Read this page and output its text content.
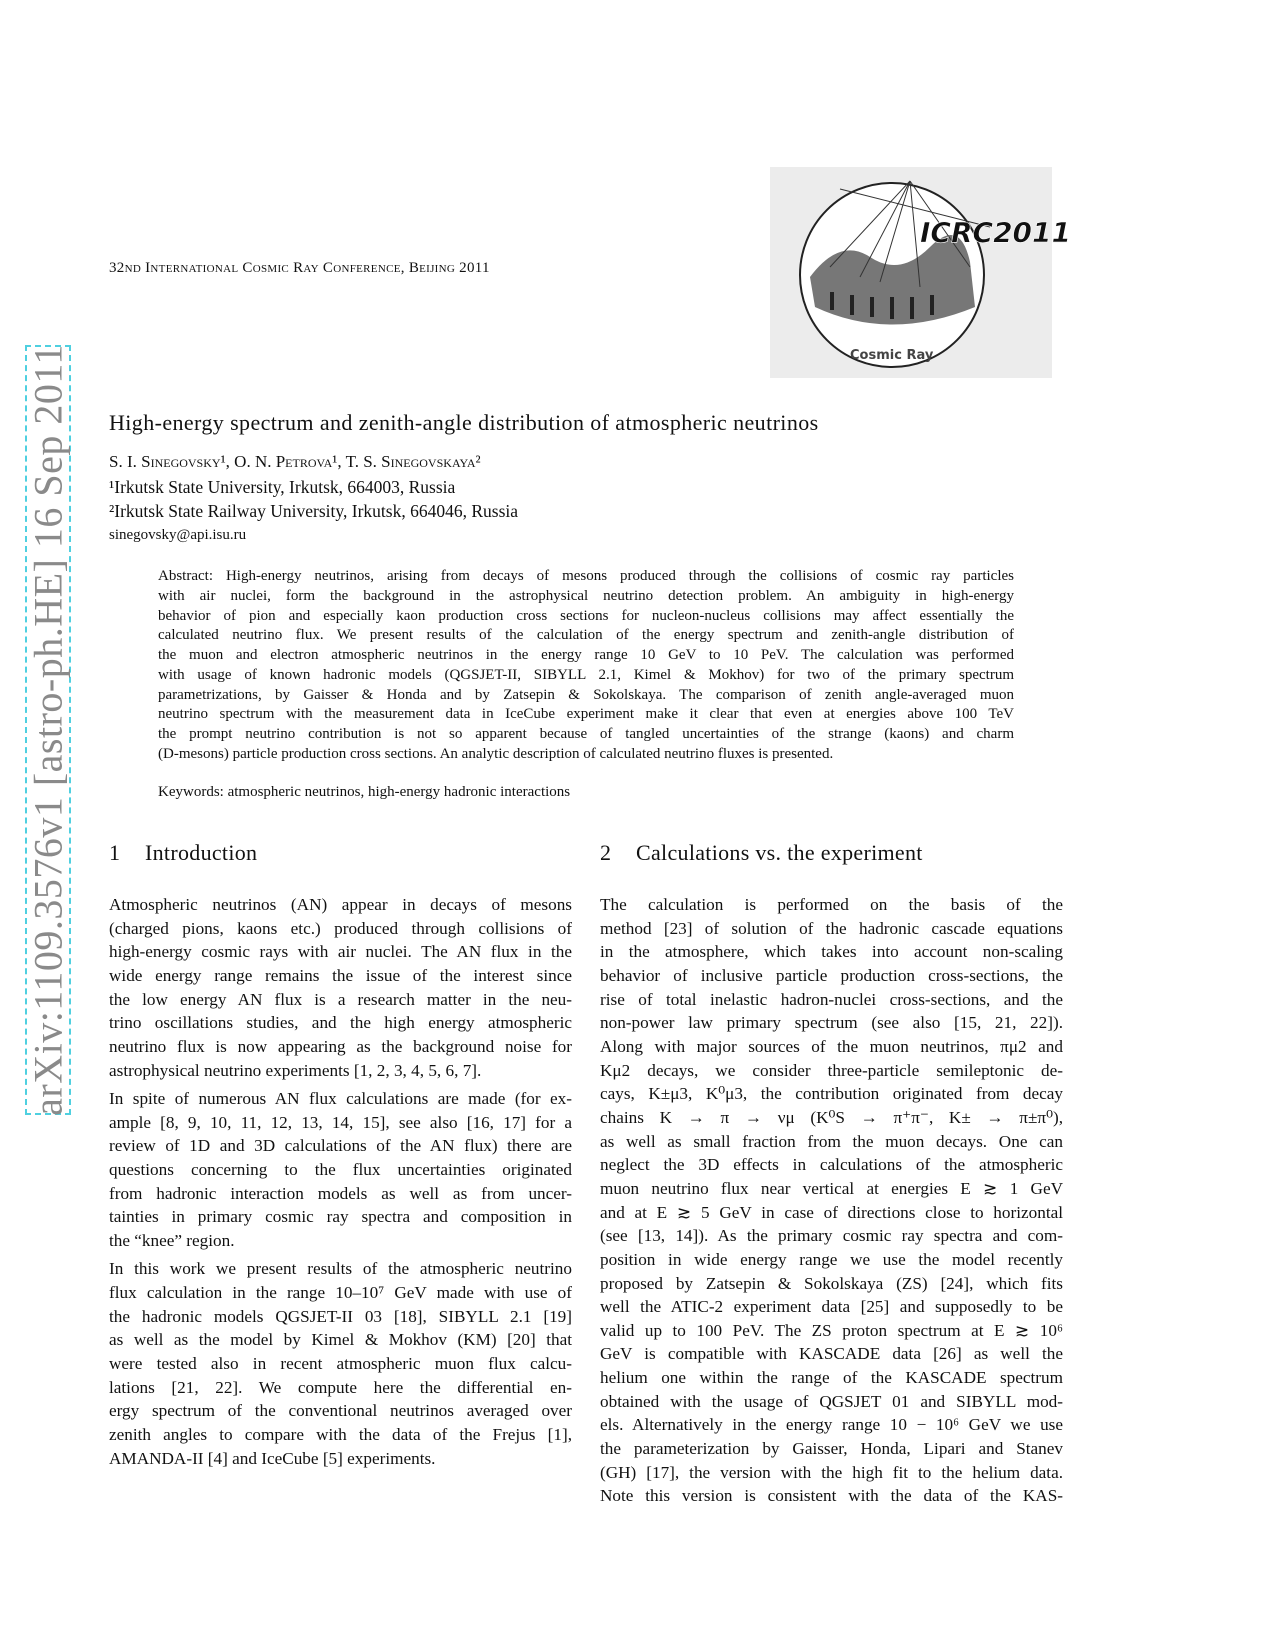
arXiv:1109.3576v1 [astro-ph.HE] 16 Sep 2011
32nd International Cosmic Ray Conference, Beijing 2011
ICRC2011
Cosmic Ray
High-energy spectrum and zenith-angle distribution of atmospheric neutrinos
S. I. Sinegovsky¹, O. N. Petrova¹, T. S. Sinegovskaya²
¹Irkutsk State University, Irkutsk, 664003, Russia
²Irkutsk State Railway University, Irkutsk, 664046, Russia
sinegovsky@api.isu.ru
Abstract: High-energy neutrinos, arising from decays of mesons produced through the collisions of cosmic ray particles
with air nuclei, form the background in the astrophysical neutrino detection problem. An ambiguity in high-energy
behavior of pion and especially kaon production cross sections for nucleon-nucleus collisions may affect essentially the
calculated neutrino flux. We present results of the calculation of the energy spectrum and zenith-angle distribution of
the muon and electron atmospheric neutrinos in the energy range 10 GeV to 10 PeV. The calculation was performed
with usage of known hadronic models (QGSJET-II, SIBYLL 2.1, Kimel & Mokhov) for two of the primary spectrum
parametrizations, by Gaisser & Honda and by Zatsepin & Sokolskaya. The comparison of zenith angle-averaged muon
neutrino spectrum with the measurement data in IceCube experiment make it clear that even at energies above 100 TeV
the prompt neutrino contribution is not so apparent because of tangled uncertainties of the strange (kaons) and charm
(D-mesons) particle production cross sections. An analytic description of calculated neutrino fluxes is presented.
Keywords: atmospheric neutrinos, high-energy hadronic interactions
1 Introduction	2 Calculations vs. the experiment
Atmospheric neutrinos (AN) appear in decays of mesons
(charged pions, kaons etc.) produced through collisions of
high-energy cosmic rays with air nuclei. The AN flux in the
wide energy range remains the issue of the interest since
the low energy AN flux is a research matter in the neu-
trino oscillations studies, and the high energy atmospheric
neutrino flux is now appearing as the background noise for
astrophysical neutrino experiments [1, 2, 3, 4, 5, 6, 7].
In spite of numerous AN flux calculations are made (for ex-
ample [8, 9, 10, 11, 12, 13, 14, 15], see also [16, 17] for a
review of 1D and 3D calculations of the AN flux) there are
questions concerning to the flux uncertainties originated
from hadronic interaction models as well as from uncer-
tainties in primary cosmic ray spectra and composition in
the “knee” region.
In this work we present results of the atmospheric neutrino
flux calculation in the range 10–10⁷ GeV made with use of
the hadronic models QGSJET-II 03 [18], SIBYLL 2.1 [19]
as well as the model by Kimel & Mokhov (KM) [20] that
were tested also in recent atmospheric muon flux calcu-
lations [21, 22]. We compute here the differential en-
ergy spectrum of the conventional neutrinos averaged over
zenith angles to compare with the data of the Frejus [1],
AMANDA-II [4] and IceCube [5] experiments.
The calculation is performed on the basis of the
method [23] of solution of the hadronic cascade equations
in the atmosphere, which takes into account non-scaling
behavior of inclusive particle production cross-sections, the
rise of total inelastic hadron-nuclei cross-sections, and the
non-power law primary spectrum (see also [15, 21, 22]).
Along with major sources of the muon neutrinos, πμ2 and
Kμ2 decays, we consider three-particle semileptonic de-
cays, K±μ3, K⁰μ3, the contribution originated from decay
chains K → π → νμ (K⁰S → π⁺π⁻, K± → π±π⁰),
as well as small fraction from the muon decays. One can
neglect the 3D effects in calculations of the atmospheric
muon neutrino flux near vertical at energies E ≳ 1 GeV
and at E ≳ 5 GeV in case of directions close to horizontal
(see [13, 14]). As the primary cosmic ray spectra and com-
position in wide energy range we use the model recently
proposed by Zatsepin & Sokolskaya (ZS) [24], which fits
well the ATIC-2 experiment data [25] and supposedly to be
valid up to 100 PeV. The ZS proton spectrum at E ≳ 10⁶
GeV is compatible with KASCADE data [26] as well the
helium one within the range of the KASCADE spectrum
obtained with the usage of QGSJET 01 and SIBYLL mod-
els. Alternatively in the energy range 10 − 10⁶ GeV we use
the parameterization by Gaisser, Honda, Lipari and Stanev
(GH) [17], the version with the high fit to the helium data.
Note this version is consistent with the data of the KAS-
